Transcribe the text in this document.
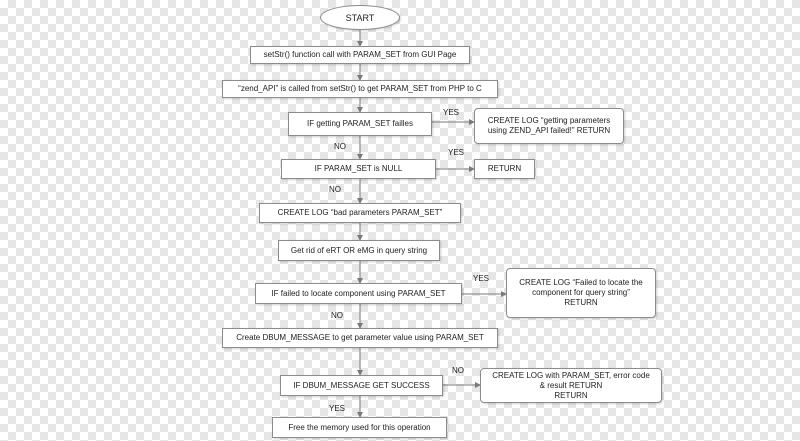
START
setStr() function call with PARAM_SET from GUI Page
“zend_API” is called from setStr() to get PARAM_SET from PHP to C
IF getting PARAM_SET failles	CREATE LOG “getting parameters
using ZEND_API failed!” RETURN
IF PARAM_SET is NULL	RETURN
CREATE LOG “bad parameters PARAM_SET”
Get rid of eRT OR eMG in query string
IF failed to locate component using PARAM_SET
CREATE LOG “Failed to locate the
component for query string”
RETURN
Create DBUM_MESSAGE to get parameter value using PARAM_SET
IF DBUM_MESSAGE GET SUCCESS
CREATE LOG with PARAM_SET, error code
& result RETURN
RETURN
Free the memory used for this operation
YES
NO
YES
NO
YES
NO
NO
YES
